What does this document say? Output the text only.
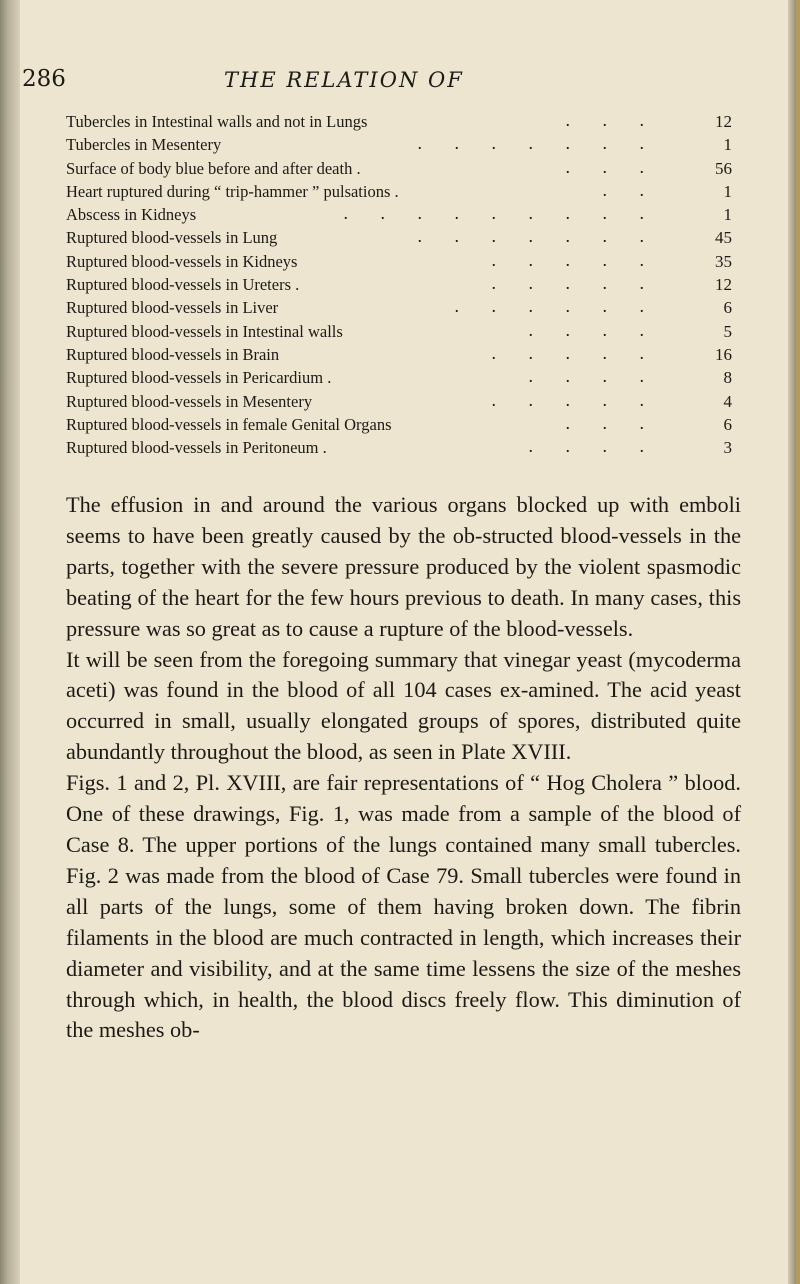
286	THE RELATION OF
Tubercles in Intestinal walls and not in Lungs	. . .	12
Tubercles in Mesentery	. . . . . . .	1
Surface of body blue before and after death .	. . .	56
Heart ruptured during “ trip-hammer ” pulsations .	. .	1
Abscess in Kidneys	. . . . . . . . .	1
Ruptured blood-vessels in Lung	. . . . . . .	45
Ruptured blood-vessels in Kidneys	. . . . .	35
Ruptured blood-vessels in Ureters .	. . . . .	12
Ruptured blood-vessels in Liver	. . . . . .	6
Ruptured blood-vessels in Intestinal walls	. . . .	5
Ruptured blood-vessels in Brain	. . . . .	16
Ruptured blood-vessels in Pericardium .	. . . .	8
Ruptured blood-vessels in Mesentery	. . . . .	4
Ruptured blood-vessels in female Genital Organs	. . .	6
Ruptured blood-vessels in Peritoneum .	. . . .	3

The effusion in and around the various organs blocked up with emboli seems to have been greatly caused by the ob-structed blood-vessels in the parts, together with the severe pressure produced by the violent spasmodic beating of the heart for the few hours previous to death. In many cases, this pressure was so great as to cause a rupture of the blood-vessels.

It will be seen from the foregoing summary that vinegar yeast (mycoderma aceti) was found in the blood of all 104 cases ex-amined. The acid yeast occurred in small, usually elongated groups of spores, distributed quite abundantly throughout the blood, as seen in Plate XVIII.

Figs. 1 and 2, Pl. XVIII, are fair representations of “ Hog Cholera ” blood. One of these drawings, Fig. 1, was made from a sample of the blood of Case 8. The upper portions of the lungs contained many small tubercles. Fig. 2 was made from the blood of Case 79. Small tubercles were found in all parts of the lungs, some of them having broken down. The fibrin filaments in the blood are much contracted in length, which increases their diameter and visibility, and at the same time lessens the size of the meshes through which, in health, the blood discs freely flow. This diminution of the meshes ob-
